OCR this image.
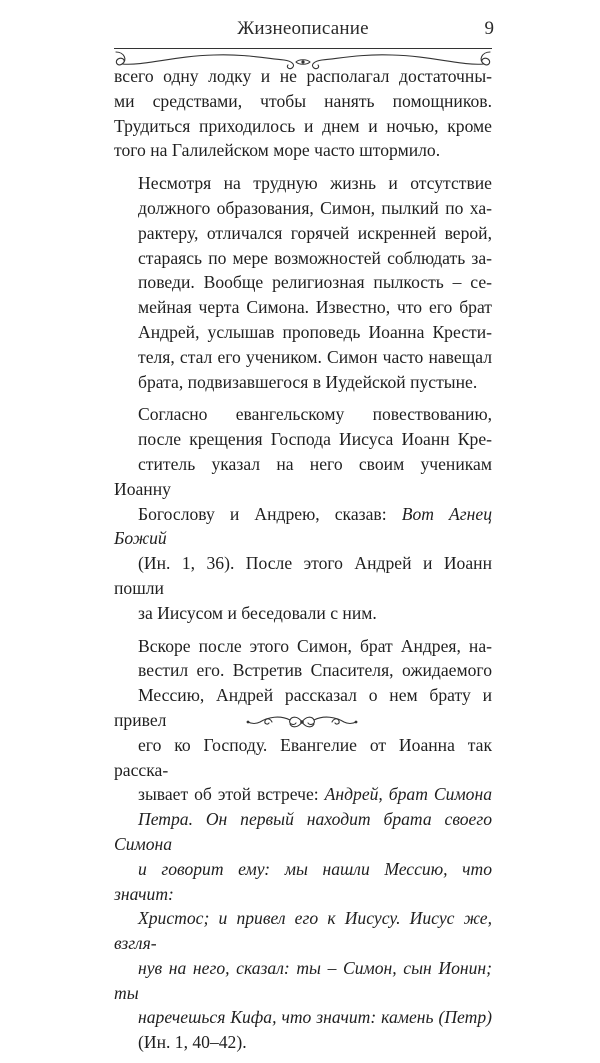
Жизнеописание	9

всего одну лодку и не располагал достаточны-
ми средствами, чтобы нанять помощников.
Трудиться приходилось и днем и ночью, кроме
того на Галилейском море часто штормило.

Несмотря на трудную жизнь и отсутствие
должного образования, Симон, пылкий по ха-
рактеру, отличался горячей искренней верой,
стараясь по мере возможностей соблюдать за-
поведи. Вообще религиозная пылкость – се-
мейная черта Симона. Известно, что его брат
Андрей, услышав проповедь Иоанна Крести-
теля, стал его учеником. Симон часто навещал
брата, подвизавшегося в Иудейской пустыне.

Согласно евангельскому повествованию,
после крещения Господа Иисуса Иоанн Кре-
ститель указал на него своим ученикам Иоанну
Богослову и Андрею, сказав: Вот Агнец Божий
(Ин. 1, 36). После этого Андрей и Иоанн пошли
за Иисусом и беседовали с ним.

Вскоре после этого Симон, брат Андрея, на-
вестил его. Встретив Спасителя, ожидаемого
Мессию, Андрей рассказал о нем брату и привел
его ко Господу. Евангелие от Иоанна так расска-
зывает об этой встрече: Андрей, брат Симона
Петра. Он первый находит брата своего Симона
и говорит ему: мы нашли Мессию, что значит:
Христос; и привел его к Иисусу. Иисус же, взгля-
нув на него, сказал: ты – Симон, сын Ионин; ты
наречешься Кифа, что значит: камень (Петр)
(Ин. 1, 40–42).
